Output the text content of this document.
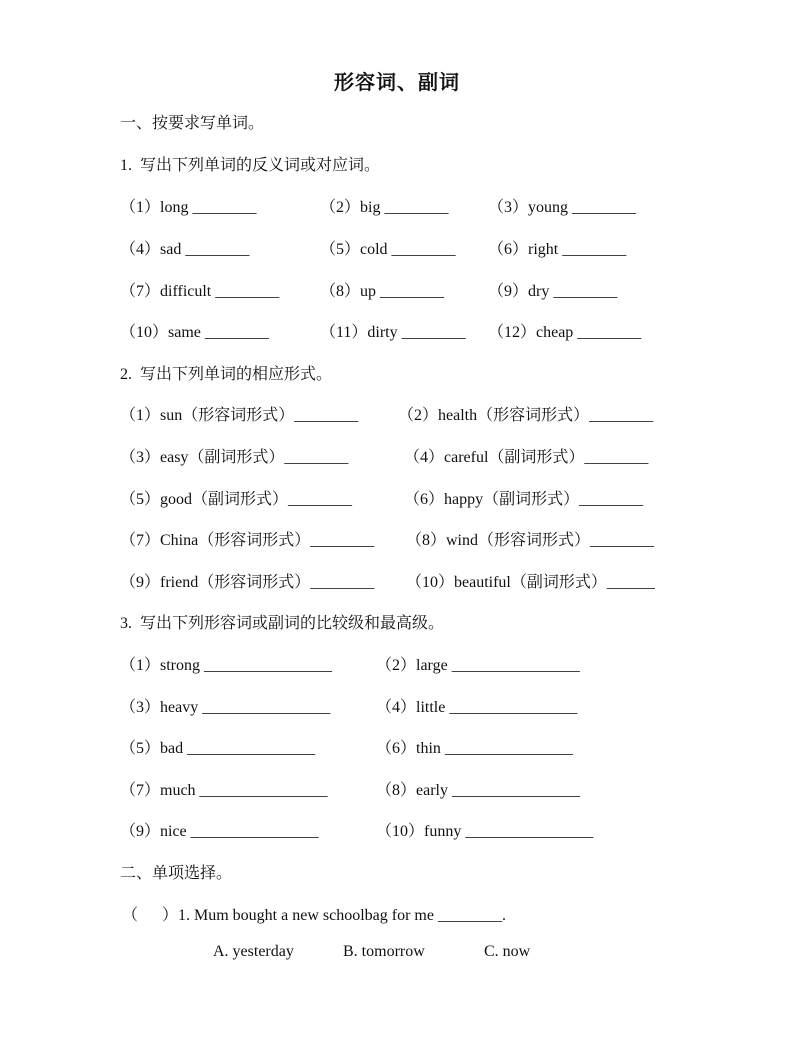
形容词、副词
一、按要求写单词。
1.  写出下列单词的反义词或对应词。
（1）long ________	（2）big ________ （3）young ________
（4）sad ________	（5）cold ________ （6）right ________
（7）difficult ________	（8）up ________	（9）dry ________
（10）same ________	（11）dirty ________ （12）cheap ________
2.  写出下列单词的相应形式。
（1）sun（形容词形式）________ （2）health（形容词形式）________
（3）easy（副词形式）________	（4）careful（副词形式）________
（5）good（副词形式）________	（6）happy（副词形式）________
（7）China（形容词形式）________ （8）wind（形容词形式）________
（9）friend（形容词形式）________ （10）beautiful（副词形式）______
3.  写出下列形容词或副词的比较级和最高级。
（1）strong ________________	（2）large ________________
（3）heavy ________________	（4）little ________________
（5）bad ________________	（6）thin ________________
（7）much ________________	（8）early ________________
（9）nice ________________	（10）funny ________________
二、单项选择。
（      ）1. Mum bought a new schoolbag for me ________.
A. yesterday	B. tomorrow	C. now
